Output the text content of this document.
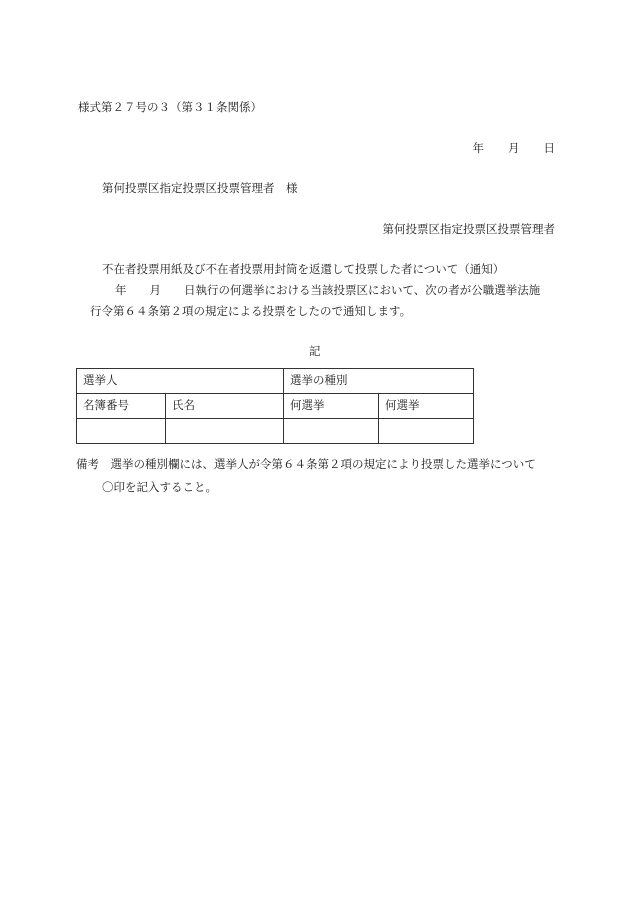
様式第２７号の３（第３１条関係）
年 月 日
第何投票区指定投票区投票管理者　様
第何投票区指定投票区投票管理者
不在者投票用紙及び不在者投票用封筒を返還して投票した者について（通知）
年　　月　　日執行の何選挙における当該投票区において、次の者が公職選挙法施
行令第６４条第２項の規定による投票をしたので通知します。
記
選挙人		選挙の種別	
名簿番号	氏名	何選挙	何選挙

備考　選挙の種別欄には、選挙人が令第６４条第２項の規定により投票した選挙について
〇印を記入すること。
